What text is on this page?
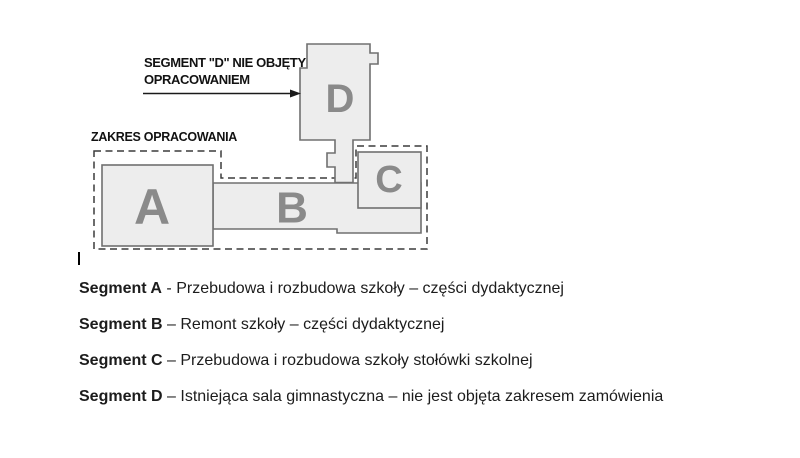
A B
C
D
SEGMENT "D" NIE OBJĘTY
OPRACOWANIEM
ZAKRES OPRACOWANIA

Segment A - Przebudowa i rozbudowa szkoły – części dydaktycznej

Segment B – Remont szkoły – części dydaktycznej

Segment C – Przebudowa i rozbudowa szkoły stołówki szkolnej

Segment D – Istniejąca sala gimnastyczna – nie jest objęta zakresem zamówienia
